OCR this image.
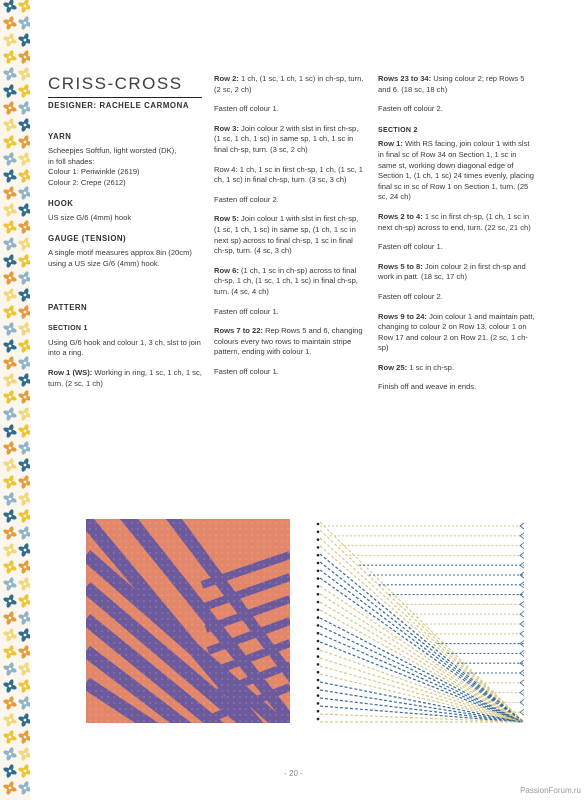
CRISS-CROSS
DESIGNER: RACHELE CARMONA
YARN
Scheepjes Softfun, light worsted (DK),
in foll shades:
Colour 1: Periwinkle (2619)
Colour 2: Crepe (2612)
HOOK
US size G/6 (4mm) hook
GAUGE (TENSION)
A single motif measures approx 8in (20cm) using a US size G/6 (4mm) hook.
PATTERN
SECTION 1
Using G/6 hook and colour 1, 3 ch, slst to join into a ring.
Row 1 (WS): Working in ring, 1 sc, 1 ch, 1 sc, turn. (2 sc, 1 ch)
Row 2: 1 ch, (1 sc, 1 ch, 1 sc) in ch-sp, turn. (2 sc, 2 ch)
Fasten off colour 1.
Row 3: Join colour 2 with slst in first ch-sp, (1 sc, 1 ch, 1 sc) in same sp, 1 ch, 1 sc in final ch-sp, turn. (3 sc, 2 ch)
Row 4: 1 ch, 1 sc in first ch-sp, 1 ch, (1 sc, 1 ch, 1 sc) in final ch-sp, turn. (3 sc, 3 ch)
Fasten off colour 2.
Row 5: Join colour 1 with slst in first ch-sp, (1 sc, 1 ch, 1 sc) in same sp, (1 ch, 1 sc in next sp) across to final ch-sp, 1 sc in final ch-sp, turn. (4 sc, 3 ch)
Row 6: (1 ch, 1 sc in ch-sp) across to final ch-sp, 1 ch, (1 sc, 1 ch, 1 sc) in final ch-sp, turn. (4 sc, 4 ch)
Fasten off colour 1.
Rows 7 to 22: Rep Rows 5 and 6, changing colours every two rows to maintain stripe pattern, ending with colour 1.
Fasten off colour 1.
Rows 23 to 34: Using colour 2; rep Rows 5 and 6. (18 sc, 18 ch)
Fasten off colour 2.
SECTION 2
Row 1: With RS facing, join colour 1 with slst in final sc of Row 34 on Section 1, 1 sc in same st, working down diagonal edge of Section 1, (1 ch, 1 sc) 24 times evenly, placing final sc in sc of Row 1 on Section 1, turn. (25 sc, 24 ch)
Rows 2 to 4: 1 sc in first ch-sp, (1 ch, 1 sc in next ch-sp) across to end, turn. (22 sc, 21 ch)
Fasten off colour 1.
Rows 5 to 8: Join colour 2 in first ch-sp and work in patt. (18 sc, 17 ch)
Fasten off colour 2.
Rows 9 to 24: Join colour 1 and maintain patt, changing to colour 2 on Row 13, colour 1 on Row 17 and colour 2 on Row 21. (2 sc, 1 ch-sp)
Row 25: 1 sc in ch-sp.
Finish off and weave in ends.
- 20 -
PassionForum.ru
